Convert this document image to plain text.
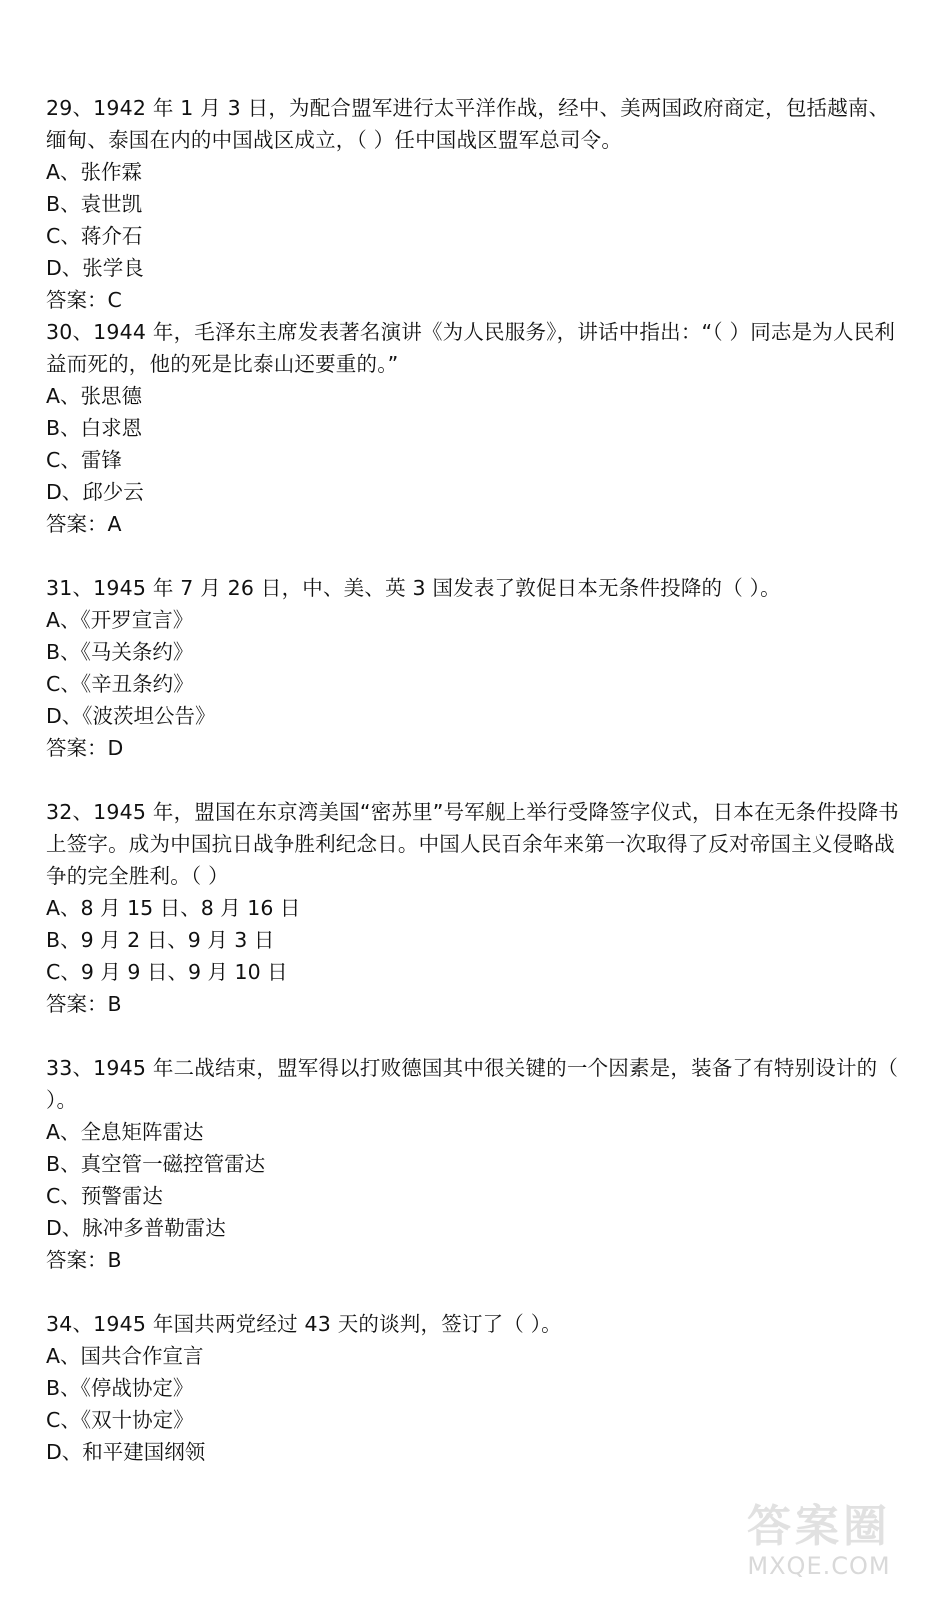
29、1942 年 1 月 3 日，为配合盟军进行太平洋作战，经中、美两国政府商定，包括越南、缅甸、泰国在内的中国战区成立，（ ）任中国战区盟军总司令。

A、张作霖

B、袁世凯

C、蒋介石

D、张学良

答案：C

30、1944 年，毛泽东主席发表著名演讲《为人民服务》，讲话中指出：“（ ）同志是为人民利益而死的，他的死是比泰山还要重的。”

A、张思德

B、白求恩

C、雷锋

D、邱少云

答案：A

31、1945 年 7 月 26 日，中、美、英 3 国发表了敦促日本无条件投降的（ ）。

A、《开罗宣言》

B、《马关条约》

C、《辛丑条约》

D、《波茨坦公告》

答案：D

32、1945 年，盟国在东京湾美国“密苏里”号军舰上举行受降签字仪式，日本在无条件投降书上签字。成为中国抗日战争胜利纪念日。中国人民百余年来第一次取得了反对帝国主义侵略战争的完全胜利。（ ）

A、8 月 15 日、8 月 16 日

B、9 月 2 日、9 月 3 日

C、9 月 9 日、9 月 10 日

答案：B

33、1945 年二战结束，盟军得以打败德国其中很关键的一个因素是，装备了有特别设计的（ ）。

A、全息矩阵雷达

B、真空管一磁控管雷达

C、预警雷达

D、脉冲多普勒雷达

答案：B

34、1945 年国共两党经过 43 天的谈判，签订了（ ）。

A、国共合作宣言

B、《停战协定》

C、《双十协定》

D、和平建国纲领

答案圈
MXQE.COM
